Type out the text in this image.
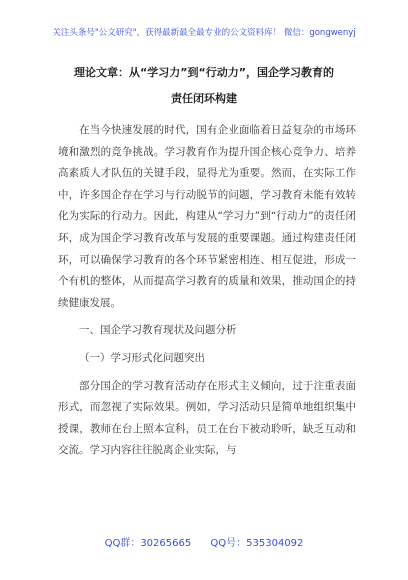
关注头条号"公文研究"，获得最新最全最专业的公文资料库！ 微信：gongwenyj
理论文章：从“学习力”到“行动力”，国企学习教育的
责任闭环构建

在当今快速发展的时代，国有企业面临着日益复杂的市场环境和激烈的竞争挑战。学习教育作为提升国企核心竞争力、培养高素质人才队伍的关键手段，显得尤为重要。然而，在实际工作中，许多国企存在学习与行动脱节的问题，学习教育未能有效转化为实际的行动力。因此，构建从“学习力”到“行动力”的责任闭环，成为国企学习教育改革与发展的重要课题。通过构建责任闭环，可以确保学习教育的各个环节紧密相连、相互促进，形成一个有机的整体，从而提高学习教育的质量和效果，推动国企的持续健康发展。

一、国企学习教育现状及问题分析

（一）学习形式化问题突出

部分国企的学习教育活动存在形式主义倾向，过于注重表面形式，而忽视了实际效果。例如，学习活动只是简单地组织集中授课，教师在台上照本宣科，员工在台下被动聆听，缺乏互动和交流。学习内容往往脱离企业实际，与

QQ群：30265665 QQ号：535304092
